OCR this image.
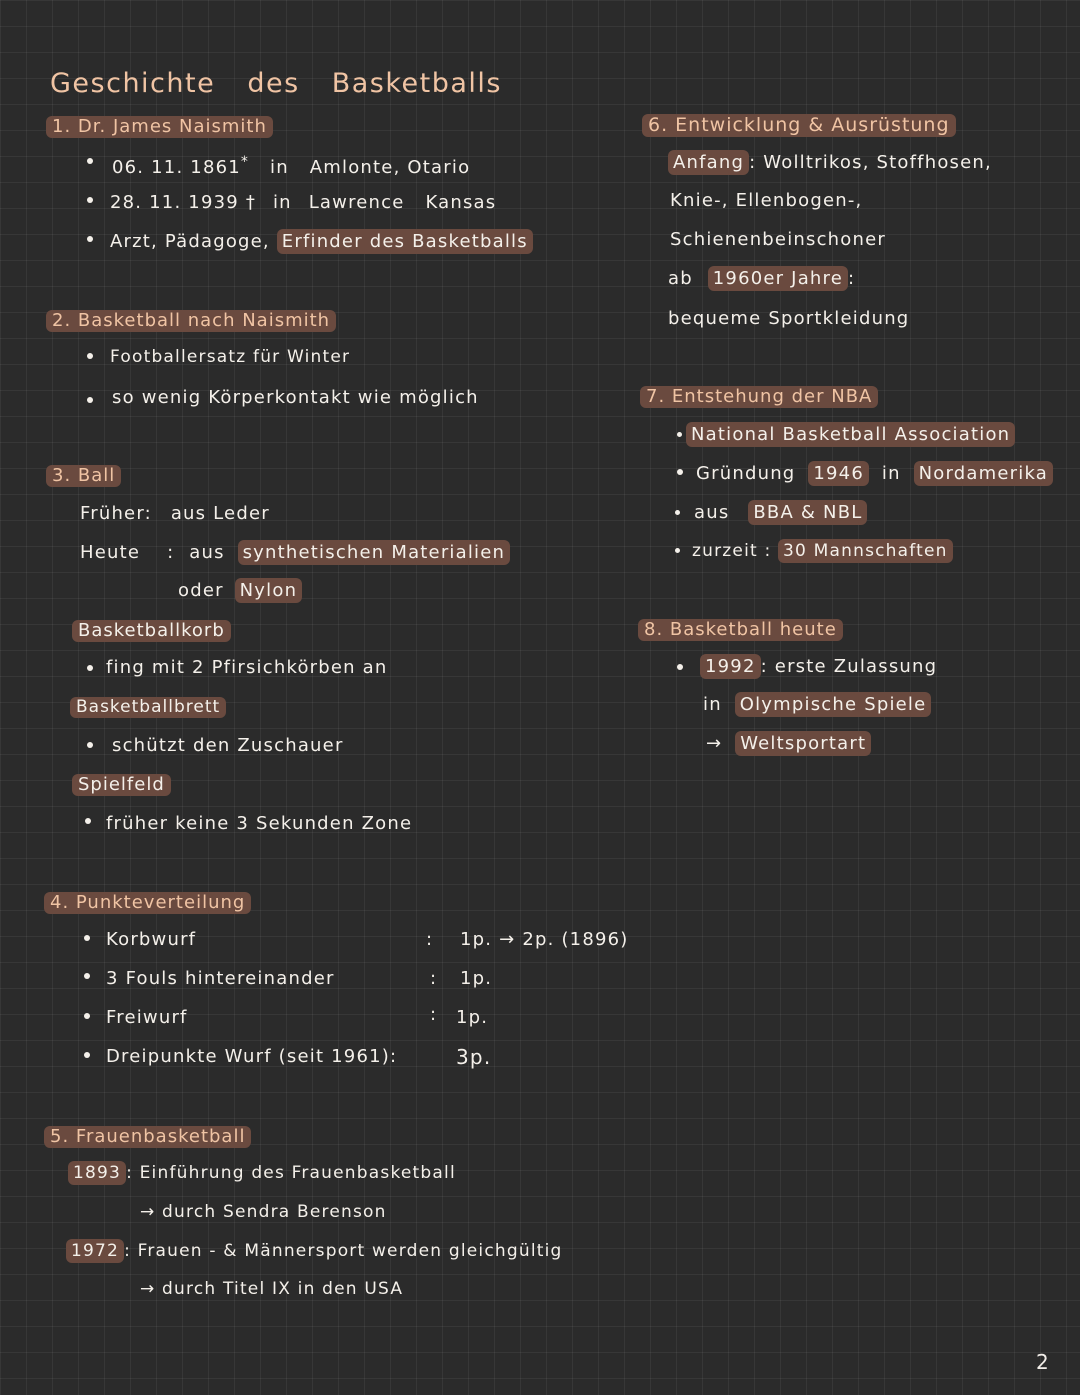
Geschichte des Basketballs
1. Dr. James Naismith
06. 11. 1861* in Amlonte, Otario
28. 11. 1939 † in Lawrence Kansas
Arzt, Pädagoge, Erfinder des Basketballs
2. Basketball nach Naismith
Footballersatz für Winter
so wenig Körperkontakt wie möglich
3. Ball
Früher: aus Leder
Heute : aus synthetischen Materialien
oder Nylon
Basketballkorb
fing mit 2 Pfirsichkörben an
Basketballbrett
schützt den Zuschauer
Spielfeld
früher keine 3 Sekunden Zone
4. Punkteverteilung
Korbwurf	: 1p. → 2p. (1896)
3 Fouls hintereinander	: 1p.
Freiwurf	: 1p.
Dreipunkte Wurf (seit 1961):	3p.
5. Frauenbasketball
1893 : Einführung des Frauenbasketball
→ durch Sendra Berenson
1972 : Frauen - & Männersport werden gleichgültig
→ durch Titel IX in den USA
6. Entwicklung & Ausrüstung
Anfang : Wolltrikos, Stoffhosen,
Knie-, Ellenbogen-,
Schienenbeinschoner
ab 1960er Jahre :
bequeme Sportkleidung
7. Entstehung der NBA
National Basketball Association
Gründung 1946 in Nordamerika
aus BBA & NBL
zurzeit : 30 Mannschaften
8. Basketball heute
1992 : erste Zulassung
in Olympische Spiele
→ Weltsportart
2
